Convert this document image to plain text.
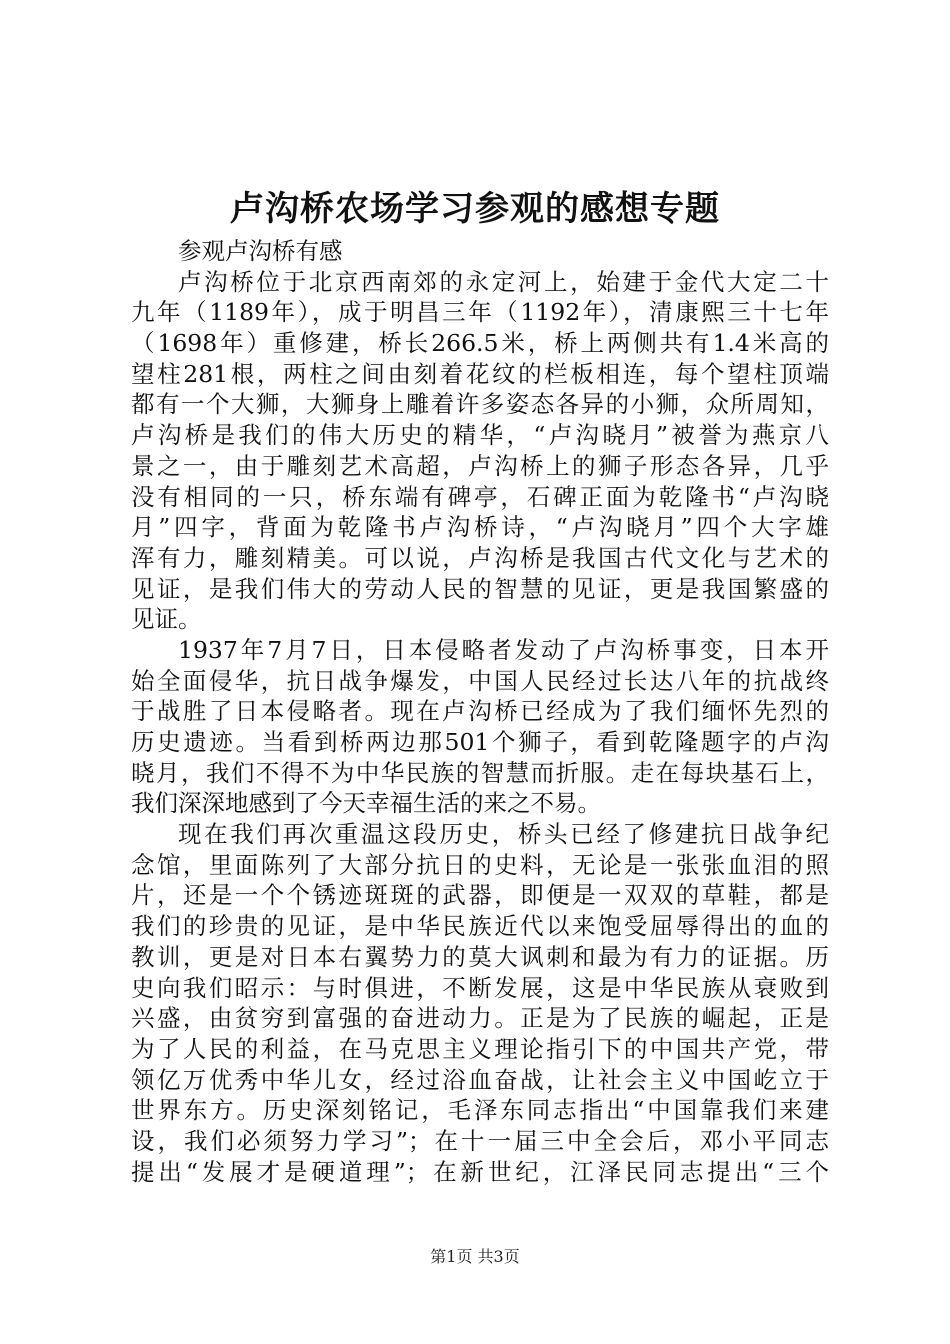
卢沟桥农场学习参观的感想专题
参观卢沟桥有感
卢沟桥位于北京西南郊的永定河上，始建于金代大定二十
九年（1189年），成于明昌三年（1192年），清康熙三十七年
（1698年）重修建，桥长266.5米，桥上两侧共有1.4米高的
望柱281根，两柱之间由刻着花纹的栏板相连，每个望柱顶端
都有一个大狮，大狮身上雕着许多姿态各异的小狮，众所周知，
卢沟桥是我们的伟大历史的精华，“卢沟晓月”被誉为燕京八
景之一，由于雕刻艺术高超，卢沟桥上的狮子形态各异，几乎
没有相同的一只，桥东端有碑亭，石碑正面为乾隆书“卢沟晓
月”四字，背面为乾隆书卢沟桥诗，“卢沟晓月”四个大字雄
浑有力，雕刻精美。可以说，卢沟桥是我国古代文化与艺术的
见证，是我们伟大的劳动人民的智慧的见证，更是我国繁盛的
见证。
1937年7月7日，日本侵略者发动了卢沟桥事变，日本开
始全面侵华，抗日战争爆发，中国人民经过长达八年的抗战终
于战胜了日本侵略者。现在卢沟桥已经成为了我们缅怀先烈的
历史遗迹。当看到桥两边那501个狮子，看到乾隆题字的卢沟
晓月，我们不得不为中华民族的智慧而折服。走在每块基石上，
我们深深地感到了今天幸福生活的来之不易。
现在我们再次重温这段历史，桥头已经了修建抗日战争纪
念馆，里面陈列了大部分抗日的史料，无论是一张张血泪的照
片，还是一个个锈迹斑斑的武器，即便是一双双的草鞋，都是
我们的珍贵的见证，是中华民族近代以来饱受屈辱得出的血的
教训，更是对日本右翼势力的莫大讽刺和最为有力的证据。历
史向我们昭示：与时俱进，不断发展，这是中华民族从衰败到
兴盛，由贫穷到富强的奋进动力。正是为了民族的崛起，正是
为了人民的利益，在马克思主义理论指引下的中国共产党，带
领亿万优秀中华儿女，经过浴血奋战，让社会主义中国屹立于
世界东方。历史深刻铭记，毛泽东同志指出“中国靠我们来建
设，我们必须努力学习”；在十一届三中全会后，邓小平同志
提出“发展才是硬道理”；在新世纪，江泽民同志提出“三个
第1页 共3页
